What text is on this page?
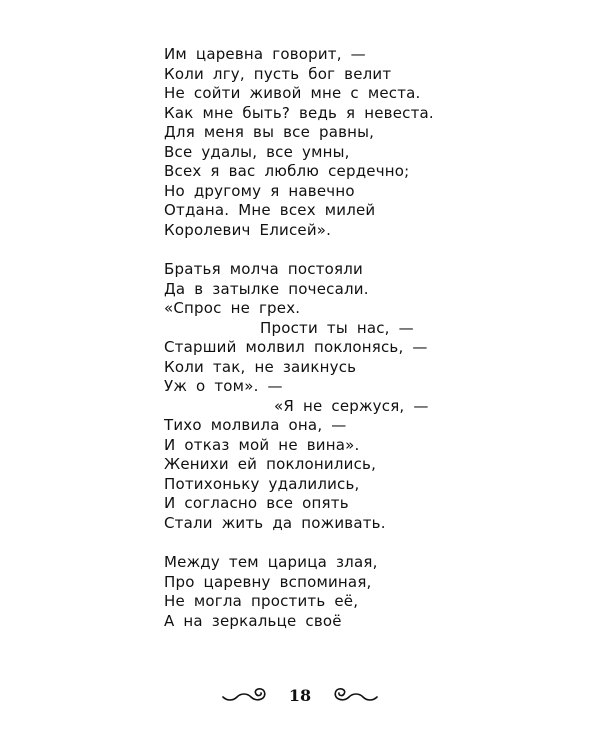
Им царевна говорит, —
Коли лгу, пусть бог велит
Не сойти живой мне с места.
Как мне быть? ведь я невеста.
Для меня вы все равны,
Все удалы, все умны,
Всех я вас люблю сердечно;
Но другому я навечно
Отдана. Мне всех милей
Королевич Елисей».
Братья молча постояли
Да в затылке почесали.
«Спрос не грех.
Прости ты нас, —
Старший молвил поклонясь, —
Коли так, не заикнусь
Уж о том». —
«Я не сержуся, —
Тихо молвила она, —
И отказ мой не вина».
Женихи ей поклонились,
Потихоньку удалились,
И согласно все опять
Стали жить да поживать.
Между тем царица злая,
Про царевну вспоминая,
Не могла простить её,
А на зеркальце своё
18
